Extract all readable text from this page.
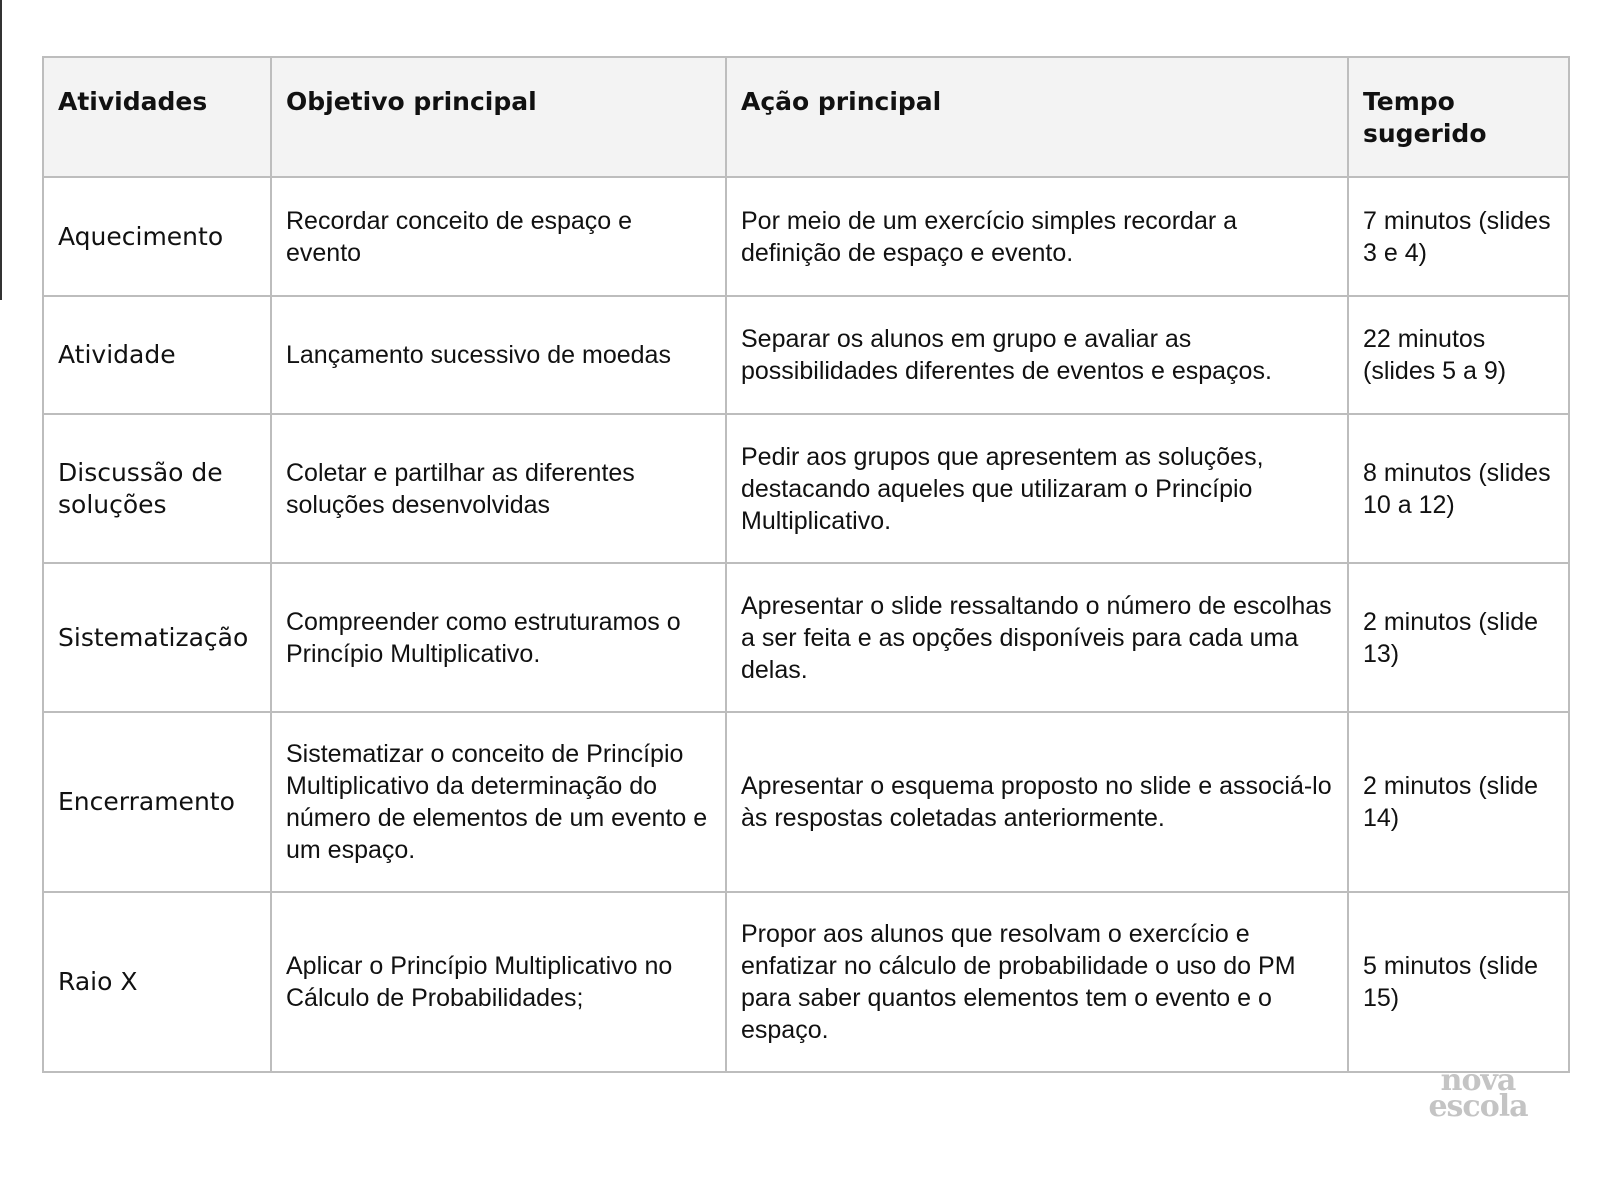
Atividades	Objetivo principal	Ação principal	Tempo sugerido
Aquecimento	Recordar conceito de espaço e evento	Por meio de um exercício simples recordar a definição de espaço e evento.	7 minutos (slides 3 e 4)
Atividade	Lançamento sucessivo de moedas	Separar os alunos em grupo e avaliar as possibilidades diferentes de eventos e espaços.	22 minutos (slides 5 a 9)
Discussão de soluções	Coletar e partilhar as diferentes soluções desenvolvidas	Pedir aos grupos que apresentem as soluções, destacando aqueles que utilizaram o Princípio Multiplicativo.	8 minutos (slides 10 a 12)
Sistematização	Compreender como estruturamos o Princípio Multiplicativo.	Apresentar o slide ressaltando o número de escolhas a ser feita e as opções disponíveis para cada uma delas.	2 minutos (slide 13)
Encerramento	Sistematizar o conceito de Princípio Multiplicativo da determinação do número de elementos de um evento e um espaço.	Apresentar o esquema proposto no slide e associá-lo às respostas coletadas anteriormente.	2 minutos (slide 14)
Raio X	Aplicar o Princípio Multiplicativo no Cálculo de Probabilidades;	Propor aos alunos que resolvam o exercício e enfatizar no cálculo de probabilidade o uso do PM para saber quantos elementos tem o evento e o espaço.	5 minutos (slide 15)
nova
escola
